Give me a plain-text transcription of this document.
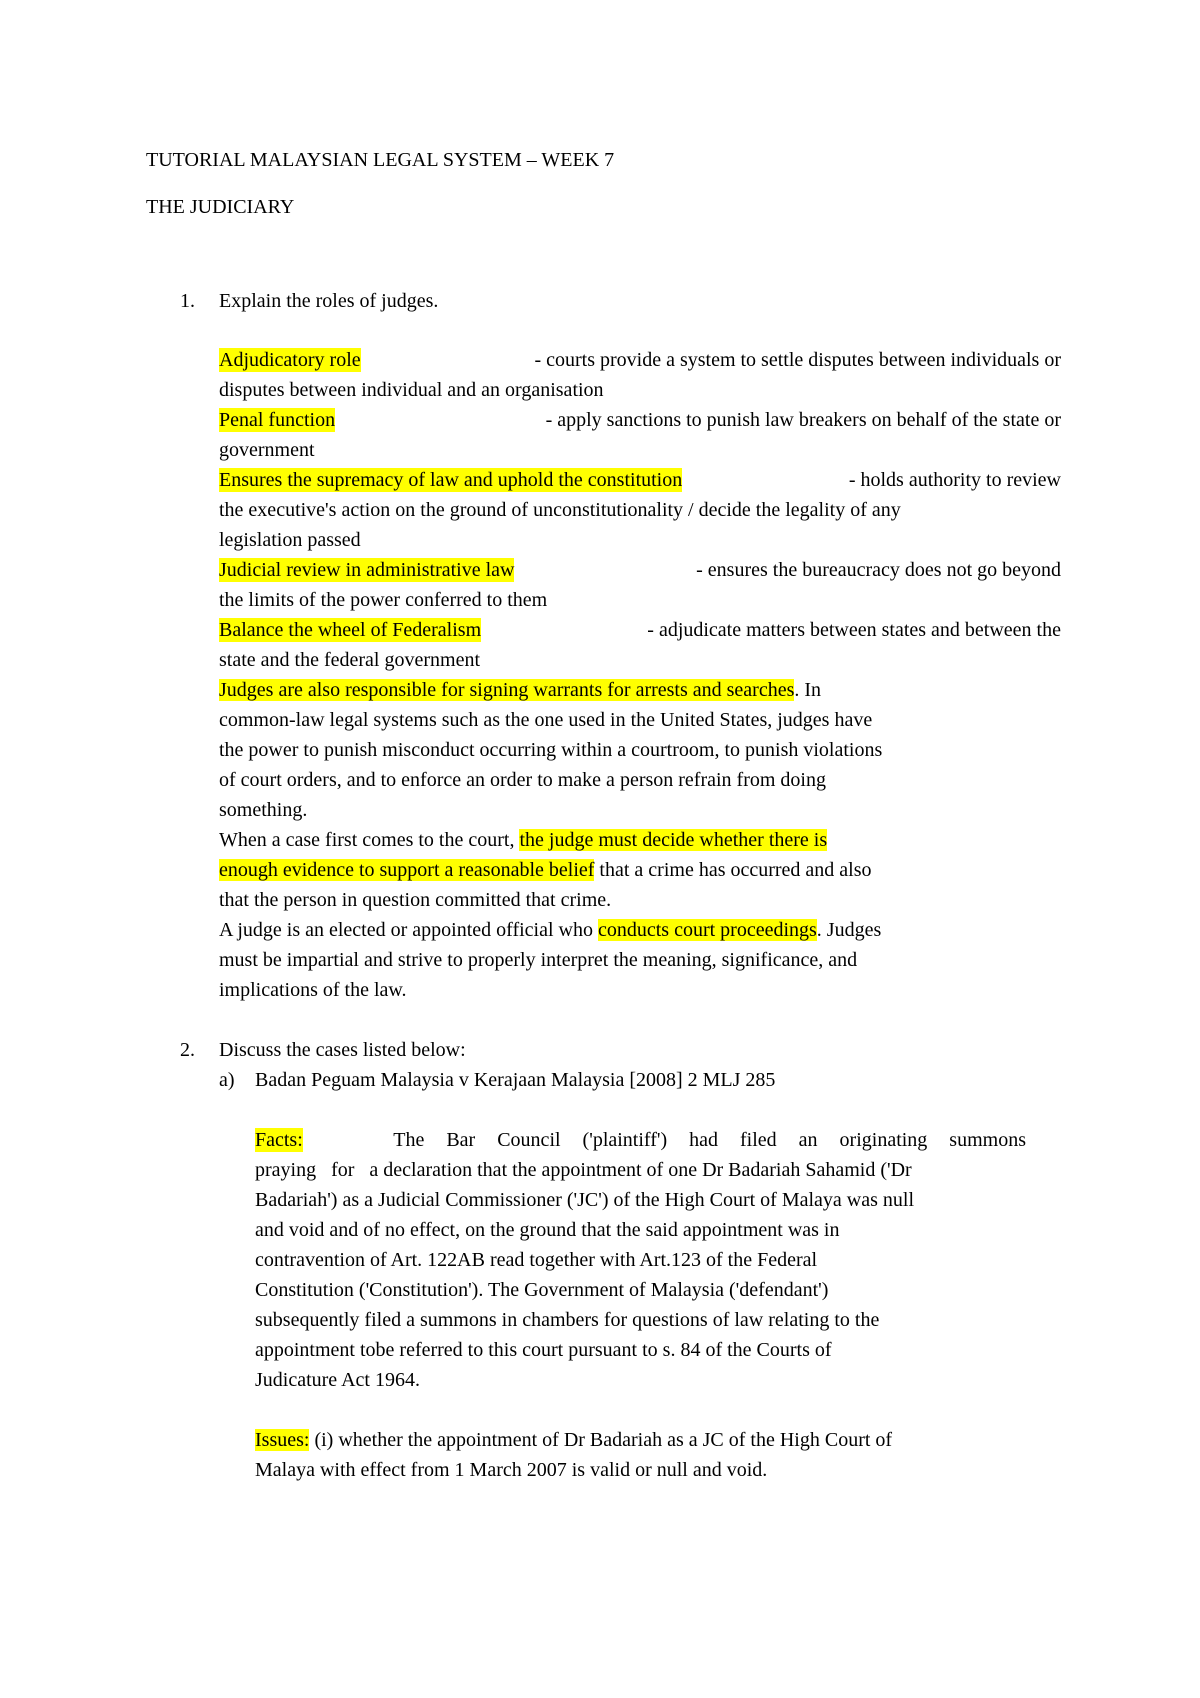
TUTORIAL MALAYSIAN LEGAL SYSTEM – WEEK 7
THE JUDICIARY
1. Explain the roles of judges.
Adjudicatory role	- courts provide a system to settle disputes between individuals or
disputes between individual and an organisation
Penal function	- apply sanctions to punish law breakers on behalf of the state or
government
Ensures the supremacy of law and uphold the constitution	- holds authority to review
the executive's action on the ground of unconstitutionality / decide the legality of any
legislation passed
Judicial review in administrative law	- ensures the bureaucracy does not go beyond
the limits of the power conferred to them
Balance the wheel of Federalism	- adjudicate matters between states and between the
state and the federal government
Judges are also responsible for signing warrants for arrests and searches. In
common-law legal systems such as the one used in the United States, judges have
the power to punish misconduct occurring within a courtroom, to punish violations
of court orders, and to enforce an order to make a person refrain from doing
something.
When a case first comes to the court, the judge must decide whether there is
enough evidence to support a reasonable belief that a crime has occurred and also
that the person in question committed that crime.
A judge is an elected or appointed official who conducts court proceedings. Judges
must be impartial and strive to properly interpret the meaning, significance, and
implications of the law.
2. Discuss the cases listed below:
a) Badan Peguam Malaysia v Kerajaan Malaysia [2008] 2 MLJ 285
Facts:	The Bar Council ('plaintiff') had filed an originating summons
praying   for   a declaration that the appointment of one Dr Badariah Sahamid ('Dr
Badariah') as a Judicial Commissioner ('JC') of the High Court of Malaya was null
and void and of no effect, on the ground that the said appointment was in
contravention of Art. 122AB read together with Art.123 of the Federal
Constitution ('Constitution'). The Government of Malaysia ('defendant')
subsequently filed a summons in chambers for questions of law relating to the
appointment tobe referred to this court pursuant to s. 84 of the Courts of
Judicature Act 1964.
Issues: (i) whether the appointment of Dr Badariah as a JC of the High Court of
Malaya with effect from 1 March 2007 is valid or null and void.
